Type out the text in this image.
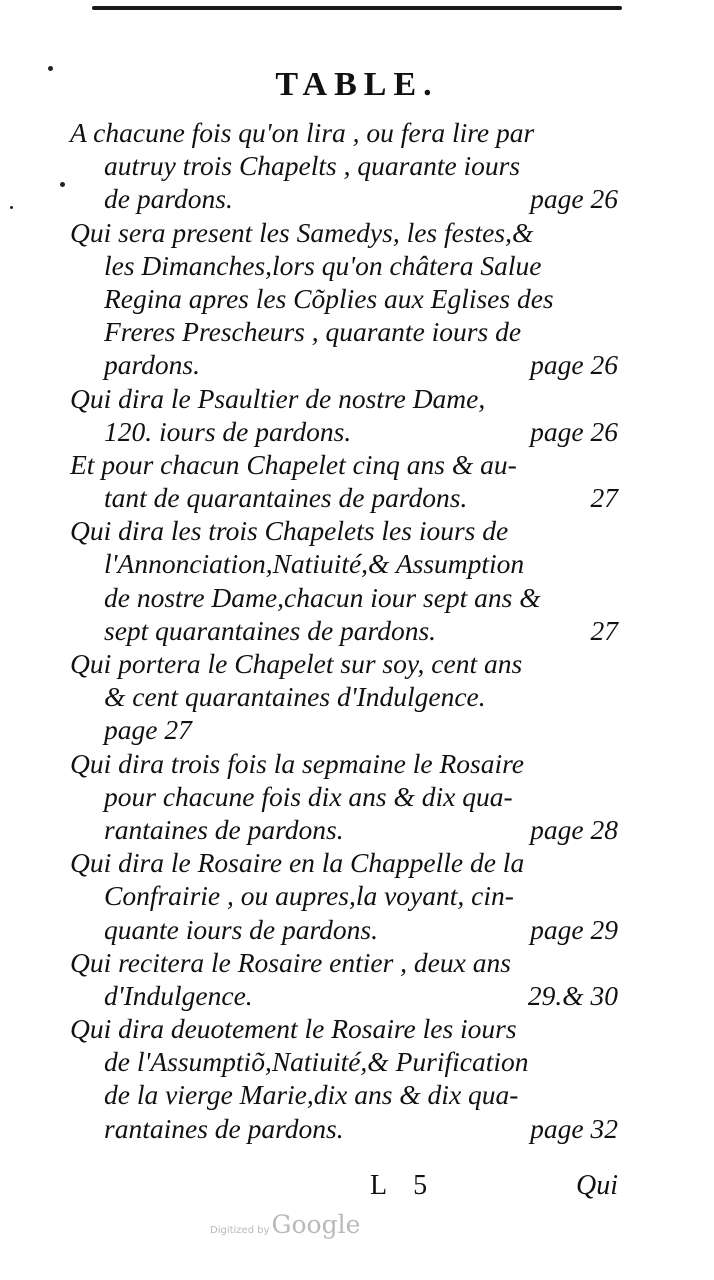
TABLE.
A chacune fois qu'on lira , ou fera lire par
autruy trois Chapelts , quarante iours
de pardons.	page 26
Qui sera present les Samedys, les festes,&
les Dimanches,lors qu'on châtera Salue
Regina apres les Cõplies aux Eglises des
Freres Prescheurs , quarante iours de
pardons.	page 26
Qui dira le Psaultier de nostre Dame,
120. iours de pardons.	page 26
Et pour chacun Chapelet cinq ans & au-
tant de quarantaines de pardons.	27
Qui dira les trois Chapelets les iours de
l'Annonciation,Natiuité,& Assumption
de nostre Dame,chacun iour sept ans &
sept quarantaines de pardons.	27
Qui portera le Chapelet sur soy, cent ans
& cent quarantaines d'Indulgence.
page 27
Qui dira trois fois la sepmaine le Rosaire
pour chacune fois dix ans & dix qua-
rantaines de pardons.	page 28
Qui dira le Rosaire en la Chappelle de la
Confrairie , ou aupres,la voyant, cin-
quante iours de pardons.	page 29
Qui recitera le Rosaire entier , deux ans
d'Indulgence.	29.& 30
Qui dira deuotement le Rosaire les iours
de l'Assumptiõ,Natiuité,& Purification
de la vierge Marie,dix ans & dix qua-
rantaines de pardons.	page 32
L 5	Qui
Digitized by Google
